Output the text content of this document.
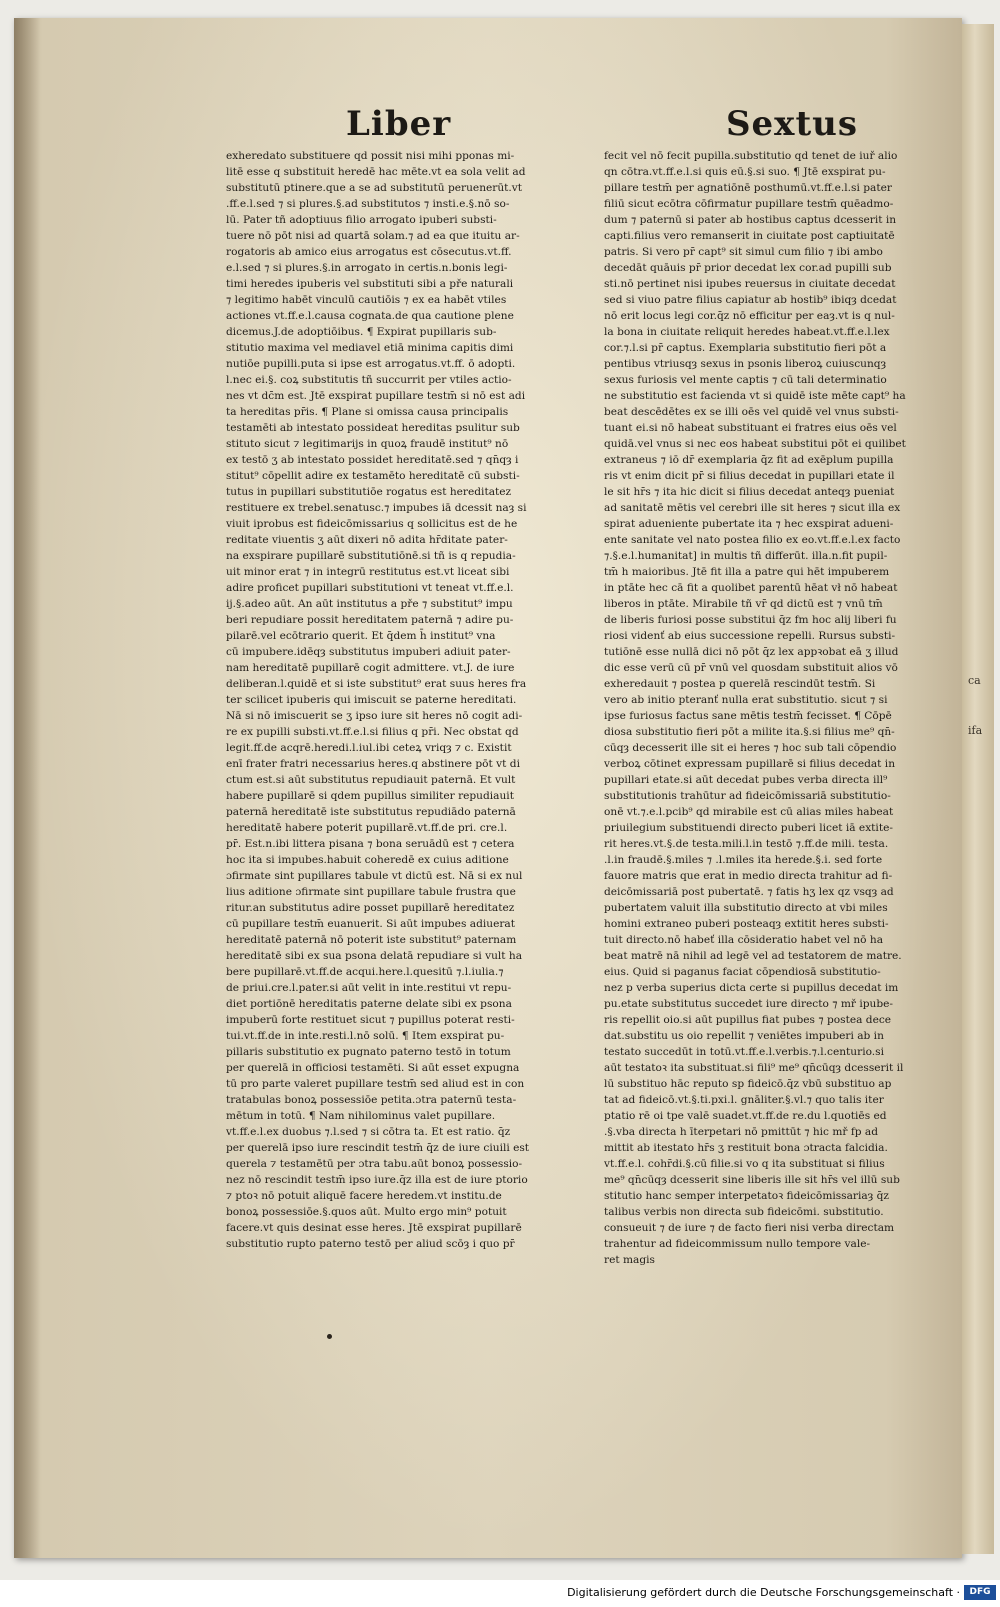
Liber	Sextus
exheredato substituere qd possit nisi mihi pponas mi-
litē esse q substituit heredē hac mēte.vt ea sola velit ad
substitutū ptinere.que a se ad substitutū peruenerūt.vt
.ff.e.l.sed ⁊ si plures.§.ad substitutos ⁊ insti.e.§.nō so-
lū. Pater tñ adoptiuus filio arrogato ipuberi substi-
tuere nō pōt nisi ad quartā solam.⁊ ad ea que ituitu ar-
rogatoris ab amico eius arrogatus est cōsecutus.vt.ff.
e.l.sed ⁊ si plures.§.in arrogato in certis.n.bonis legi-
timi heredes ipuberis vel substituti sibi a pře naturali
⁊ legitimo habēt vinculū cautiōis ⁊ ex ea habēt vtiles
actiones vt.ff.e.l.causa cognata.de qua cautione plene
dicemus.J.de adoptiōibus. ¶ Expirat pupillaris sub-
stitutio maxima vel mediavel etiā minima capitis dimi
nutiōe pupilli.puta si ipse est arrogatus.vt.ff. ō adopti.
l.nec ei.§. coꝝ substitutis tñ succurrit per vtiles actio-
nes vt dc̄m est. Jtē exspirat pupillare testm̄ si nō est adi
ta hereditas pr̄is. ¶ Plane si omissa causa principalis
testamēti ab intestato possideat hereditas psulitur sub
stituto sicut ⁊ legitimarijs in quoꝝ fraudē institut⁹ nō
ex testō ʒ ab intestato possidet hereditatē.sed ⁊ qn̄qȝ i
stitut⁹ cōpellit adire ex testamēto hereditatē cū substi-
tutus in pupillari substitutiōe rogatus est hereditatez
restituere ex trebel.senatusc.⁊ impubes iā dcessit naȝ si
viuit iprobus est fideicōmissarius q sollicitus est de he
reditate viuentis ʒ aūt dixeri nō adita hr̄ditate pater-
na exspirare pupillarē substitutiōnē.si tñ is q repudia-
uit minor erat ⁊ in integrū restitutus est.vt liceat sibi
adire proficet pupillari substitutioni vt teneat vt.ff.e.l.
ij.§.adeo aūt. An aūt institutus a pře ⁊ substitut⁹ impu
beri repudiare possit hereditatem paternā ⁊ adire pu-
pilarē.vel ecōtrario querit. Et q̄dem h̄ institut⁹ vna
cū impubere.idēqȝ substitutus impuberi adiuit pater-
nam hereditatē pupillarē cogit admittere. vt.J. de iure
deliberan.l.quidē et si iste substitut⁹ erat suus heres fra
ter scilicet ipuberis qui imiscuit se paterne hereditati.
Nā si nō imiscuerit se ʒ ipso iure sit heres nō cogit adi-
re ex pupilli substi.vt.ff.e.l.si filius q pr̄i. Nec obstat qd
legit.ff.de acqrē.heredi.l.iul.ibi ceteꝝ vriqȝ ⁊ c. Existit
enī frater fratri necessarius heres.q abstinere pōt vt di
ctum est.si aūt substitutus repudiauit paternā. Et vult
habere pupillarē si qdem pupillus similiter repudiauit
paternā hereditatē iste substitutus repudiādo paternā
hereditatē habere poterit pupillarē.vt.ff.de pri. cre.l.
pr̄. Est.n.ibi littera pisana ⁊ bona seruādū est ⁊ cetera
hoc ita si impubes.habuit coheredē ex cuius aditione
ɔfirmate sint pupillares tabule vt dictū est. Nā si ex nul
lius aditione ɔfirmate sint pupillare tabule frustra que
ritur.an substitutus adire posset pupillarē hereditatez
cū pupillare testm̄ euanuerit. Si aūt impubes adiuerat
hereditatē paternā nō poterit iste substitut⁹ paternam
hereditatē sibi ex sua psona delatā repudiare si vult ha
bere pupillarē.vt.ff.de acqui.here.l.quesitū ⁊.l.iulia.⁊
de priui.cre.l.pater.si aūt velit in inte.restitui vt repu-
diet portiōnē hereditatis paterne delate sibi ex psona
impuberū forte restituet sicut ⁊ pupillus poterat resti-
tui.vt.ff.de in inte.resti.l.nō solū. ¶ Item exspirat pu-
pillaris substitutio ex pugnato paterno testō in totum
per querelā in officiosi testamēti. Si aūt esset expugna
tū pro parte valeret pupillare testm̄ sed aliud est in con
tratabulas bonoꝝ possessiōe petita.ɔtra paternū testa-
mētum in totū. ¶ Nam nihilominus valet pupillare.
vt.ff.e.l.ex duobus ⁊.l.sed ⁊ si cōtra ta. Et est ratio. q̄z
per querelā ipso iure rescindit testm̄ q̄z de iure ciuili est
querela ⁊ testamētū per ɔtra tabu.aūt bonoꝝ possessio-
nez nō rescindit testm̄ ipso iure.q̄z illa est de iure ptorio
⁊ ptoꝛ nō potuit aliquē facere heredem.vt institu.de
bonoꝝ possessiōe.§.quos aūt. Multo ergo min⁹ potuit
facere.vt quis desinat esse heres. Jtē exspirat pupillarē
substitutio rupto paterno testō per aliud scōȝ i quo pr̄
fecit vel nō fecit pupilla.substitutio qd tenet de iuř alio
qn cōtra.vt.ff.e.l.si quis eū.§.si suo. ¶ Jtē exspirat pu-
pillare testm̄ per agnatiōnē posthumū.vt.ff.e.l.si pater
filiū sicut ecōtra cōfirmatur pupillare testm̄ quēadmo-
dum ⁊ paternū si pater ab hostibus captus dcesserit in
capti.filius vero remanserit in ciuitate post captiuitatē
patris. Si vero pr̄ capt⁹ sit simul cum filio ⁊ ibi ambo
decedāt quāuis pr̄ prior decedat lex cor.ad pupilli sub
sti.nō pertinet nisi ipubes reuersus in ciuitate decedat
sed si viuo patre filius capiatur ab hostib⁹ ibiqȝ dcedat
nō erit locus legi cor.q̄z nō efficitur per eaȝ.vt is q nul-
la bona in ciuitate reliquit heredes habeat.vt.ff.e.l.lex
cor.⁊.l.si pr̄ captus. Exemplaria substitutio fieri pōt a
pentibus vtriusqȝ sexus in psonis liberoꝝ cuiuscunqȝ
sexus furiosis vel mente captis ⁊ cū tali determinatio
ne substitutio est facienda vt si quidē iste mēte capt⁹ ha
beat descēdētes ex se illi oēs vel quidē vel vnus substi-
tuant ei.si nō habeat substituant ei fratres eius oēs vel
quidā.vel vnus si nec eos habeat substitui pōt ei quilibet
extraneus ⁊ iō dr̄ exemplaria q̄z fit ad exēplum pupilla
ris vt enim dicit pr̄ si filius decedat in pupillari etate il
le sit hr̄s ⁊ ita hic dicit si filius decedat anteqȝ pueniat
ad sanitatē mētis vel cerebri ille sit heres ⁊ sicut illa ex
spirat adueniente pubertate ita ⁊ hec exspirat adueni-
ente sanitate vel nato postea filio ex eo.vt.ff.e.l.ex facto
⁊.§.e.l.humanitat] in multis tñ differūt. illa.n.fit pupil-
tm̄ h maioribus. Jtē fit illa a patre qui hēt impuberem
in ptāte hec cā fit a quolibet parentū hēat vł nō habeat
liberos in ptāte. Mirabile tñ vr̄ qd dictū est ⁊ vnū tm̄
de liberis furiosi posse substitui q̄z fm hoc alij liberi fu
riosi videnť ab eius successione repelli. Rursus substi-
tutiōnē esse nullā dici nō pōt q̄z lex appꝛobat eā ʒ illud
dic esse verū cū pr̄ vnū vel quosdam substituit alios vō
exheredauit ⁊ postea p querelā rescindūt testm̄. Si
vero ab initio pteranť nulla erat substitutio. sicut ⁊ si
ipse furiosus factus sane mētis testm̄ fecisset. ¶ Cōpē
diosa substitutio fieri pōt a milite ita.§.si filius me⁹ qn̄-
cūqȝ decesserit ille sit ei heres ⁊ hoc sub tali cōpendio
verboꝝ cōtinet expressam pupillarē si filius decedat in
pupillari etate.si aūt decedat pubes verba directa ill⁹
substitutionis trahūtur ad fideicōmissariā substitutio-
onē vt.⁊.e.l.pcib⁹ qd mirabile est cū alias miles habeat
priuilegium substituendi directo puberi licet iā extite-
rit heres.vt.§.de testa.mili.l.in testō ⁊.ff.de mili. testa.
.l.in fraudē.§.miles ⁊ .l.miles ita herede.§.i. sed forte
fauore matris que erat in medio directa trahitur ad fi-
deicōmissariā post pubertatē. ⁊ fatis hʒ lex qz vsqȝ ad
pubertatem valuit illa substitutio directo at vbi miles
homini extraneo puberi posteaqȝ extitit heres substi-
tuit directo.nō habeť illa cōsideratio habet vel nō ha
beat matrē nā nihil ad legē vel ad testatorem de matre.
eius. Quid si paganus faciat cōpendiosā substitutio-
nez p verba superius dicta certe si pupillus decedat im
pu.etate substitutus succedet iure directo ⁊ mř ipube-
ris repellit oio.si aūt pupillus fiat pubes ⁊ postea dece
dat.substitu us oio repellit ⁊ veniētes impuberi ab in
testato succedūt in totū.vt.ff.e.l.verbis.⁊.l.centurio.si
aūt testatoꝛ ita substituat.si fili⁹ me⁹ qn̄cūqȝ dcesserit il
lū substituo hāc reputo sp fideicō.q̄z vbū substituo ap
tat ad fideicō.vt.§.ti.pxi.l. gnāliter.§.vl.⁊ quo talis iter
ptatio rē oi tpe valē suadet.vt.ff.de re.du l.quotiēs ed
.§.vba directa h īterpetari nō pmittūt ⁊ hic mř fp ad
mittit ab itestato hr̄s ʒ restituit bona ɔtracta falcidia.
vt.ff.e.l. cohr̄di.§.cū filie.si vo q ita substituat si filius
me⁹ qn̄cūqȝ dcesserit sine liberis ille sit hr̄s vel illū sub
stitutio hanc semper interpetatoꝛ fideicōmissariaȝ q̄z
talibus verbis non directa sub fideicōmi. substitutio.
consueuit ⁊ de iure ⁊ de facto fieri nisi verba directam
trahentur ad fideicommissum nullo tempore vale-
ret magis
ca
ifa
Digitalisierung gefördert durch die Deutsche Forschungsgemeinschaft ·	DFG
